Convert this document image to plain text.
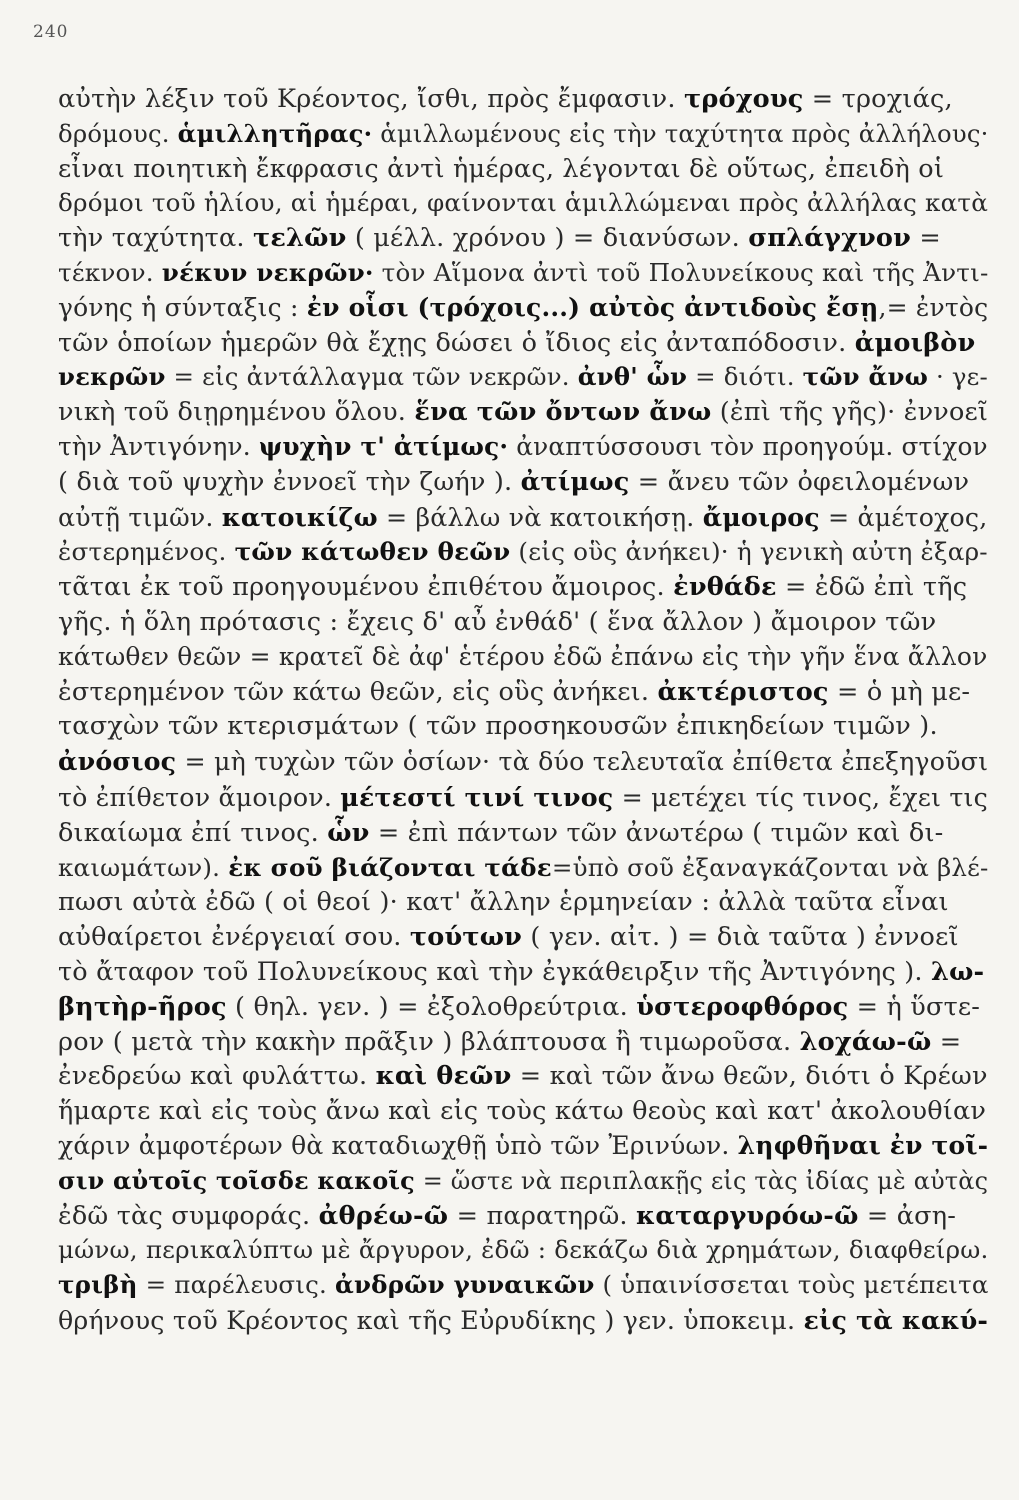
240
αὐτὴν λέξιν τοῦ Κρέοντος, ἴσθι, πρὸς ἔμφασιν. τρόχους = τροχιάς,
δρόμους. ἁμιλλητῆρας· ἁμιλλωμένους εἰς τὴν ταχύτητα πρὸς ἀλλήλους·
εἶναι ποιητικὴ ἔκφρασις ἀντὶ ἡμέρας, λέγονται δὲ οὕτως, ἐπειδὴ οἱ
δρόμοι τοῦ ἡλίου, αἱ ἡμέραι, φαίνονται ἁμιλλώμεναι πρὸς ἀλλήλας κατὰ
τὴν ταχύτητα. τελῶν ( μέλλ. χρόνου ) = διανύσων. σπλάγχνον =
τέκνον. νέκυν νεκρῶν· τὸν Αἵμονα ἀντὶ τοῦ Πολυνείκους καὶ τῆς Ἀντι-
γόνης ἡ σύνταξις : ἐν οἷσι (τρόχοις...) αὐτὸς ἀντιδοὺς ἔσῃ,= ἐντὸς
τῶν ὁποίων ἡμερῶν θὰ ἔχῃς δώσει ὁ ἴδιος εἰς ἀνταπόδοσιν. ἀμοιβὸν
νεκρῶν = εἰς ἀντάλλαγμα τῶν νεκρῶν. ἀνθ' ὧν = διότι. τῶν ἄνω · γε-
νικὴ τοῦ διῃρημένου ὅλου. ἕνα τῶν ὄντων ἄνω (ἐπὶ τῆς γῆς)· ἐννοεῖ
τὴν Ἀντιγόνην. ψυχὴν τ' ἀτίμως· ἀναπτύσσουσι τὸν προηγούμ. στίχον
( διὰ τοῦ ψυχὴν ἐννοεῖ τὴν ζωήν ). ἀτίμως = ἄνευ τῶν ὀφειλομένων
αὐτῇ τιμῶν. κατοικίζω = βάλλω νὰ κατοικήσῃ. ἄμοιρος = ἀμέτοχος,
ἐστερημένος. τῶν κάτωθεν θεῶν (εἰς οὓς ἀνήκει)· ἡ γενικὴ αὐτη ἐξαρ-
τᾶται ἐκ τοῦ προηγουμένου ἐπιθέτου ἄμοιρος. ἐνθάδε = ἐδῶ ἐπὶ τῆς
γῆς. ἡ ὅλη πρότασις : ἔχεις δ' αὖ ἐνθάδ' ( ἕνα ἄλλον ) ἄμοιρον τῶν
κάτωθεν θεῶν = κρατεῖ δὲ ἀφ' ἑτέρου ἐδῶ ἐπάνω εἰς τὴν γῆν ἕνα ἄλλον
ἐστερημένον τῶν κάτω θεῶν, εἰς οὓς ἀνήκει. ἀκτέριστος = ὁ μὴ με-
τασχὼν τῶν κτερισμάτων ( τῶν προσηκουσῶν ἐπικηδείων τιμῶν ).
ἀνόσιος = μὴ τυχὼν τῶν ὁσίων· τὰ δύο τελευταῖα ἐπίθετα ἐπεξηγοῦσι
τὸ ἐπίθετον ἄμοιρον. μέτεστί τινί τινος = μετέχει τίς τινος, ἔχει τις
δικαίωμα ἐπί τινος. ὧν = ἐπὶ πάντων τῶν ἀνωτέρω ( τιμῶν καὶ δι-
καιωμάτων). ἐκ σοῦ βιάζονται τάδε=ὑπὸ σοῦ ἐξαναγκάζονται νὰ βλέ-
πωσι αὐτὰ ἐδῶ ( οἱ θεοί )· κατ' ἄλλην ἑρμηνείαν : ἀλλὰ ταῦτα εἶναι
αὐθαίρετοι ἐνέργειαί σου. τούτων ( γεν. αἰτ. ) = διὰ ταῦτα ) ἐννοεῖ
τὸ ἄταφον τοῦ Πολυνείκους καὶ τὴν ἐγκάθειρξιν τῆς Ἀντιγόνης ). λω-
βητὴρ-ῆρος ( θηλ. γεν. ) = ἐξολοθρεύτρια. ὑστεροφθόρος = ἡ ὕστε-
ρον ( μετὰ τὴν κακὴν πρᾶξιν ) βλάπτουσα ἢ τιμωροῦσα. λοχάω-ῶ =
ἐνεδρεύω καὶ φυλάττω. καὶ θεῶν = καὶ τῶν ἄνω θεῶν, διότι ὁ Κρέων
ἥμαρτε καὶ εἰς τοὺς ἄνω καὶ εἰς τοὺς κάτω θεοὺς καὶ κατ' ἀκολουθίαν
χάριν ἀμφοτέρων θὰ καταδιωχθῇ ὑπὸ τῶν Ἐρινύων. ληφθῆναι ἐν τοῖ-
σιν αὐτοῖς τοῖσδε κακοῖς = ὥστε νὰ περιπλακῇς εἰς τὰς ἰδίας μὲ αὐτὰς
ἐδῶ τὰς συμφοράς. ἀθρέω-ῶ = παρατηρῶ. καταργυρόω-ῶ = ἀση-
μώνω, περικαλύπτω μὲ ἄργυρον, ἐδῶ : δεκάζω διὰ χρημάτων, διαφθείρω.
τριβὴ = παρέλευσις. ἀνδρῶν γυναικῶν ( ὑπαινίσσεται τοὺς μετέπειτα
θρήνους τοῦ Κρέοντος καὶ τῆς Εὐρυδίκης ) γεν. ὑποκειμ. εἰς τὰ κακύ-
